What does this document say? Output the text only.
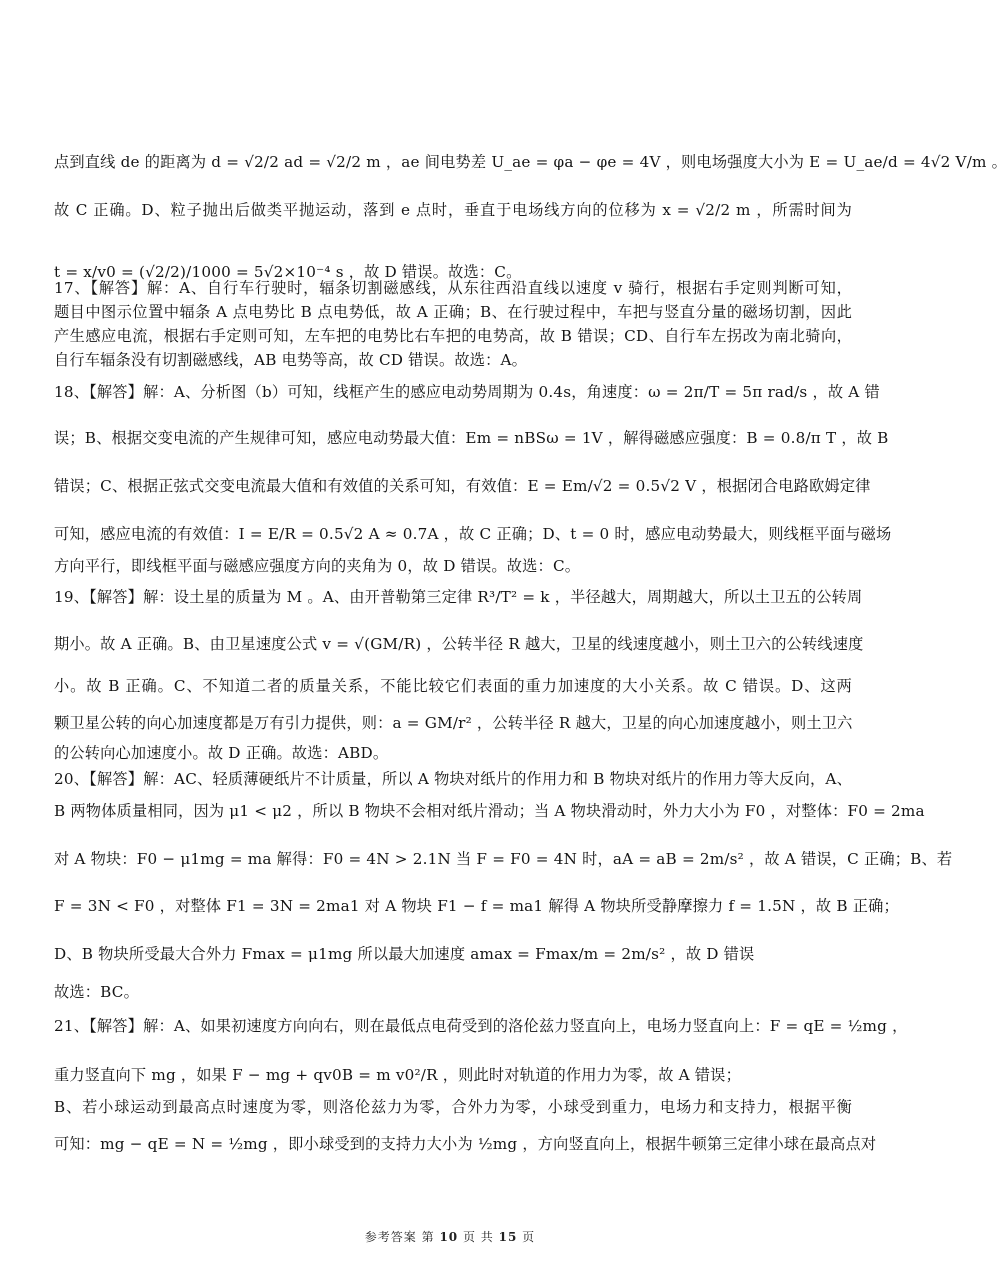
点到直线 de 的距离为 d = √2/2 ad = √2/2 m ，ae 间电势差 U_ae = φa − φe = 4V ，则电场强度大小为 E = U_ae/d = 4√2 V/m 。
故 C 正确。D、粒子抛出后做类平抛运动，落到 e 点时，垂直于电场线方向的位移为 x = √2/2 m ，所需时间为
t = x/v0 = (√2/2)/1000 = 5√2×10⁻⁴ s ，故 D 错误。故选：C。
17、【解答】解：A、自行车行驶时，辐条切割磁感线，从东往西沿直线以速度 v 骑行，根据右手定则判断可知，
题目中图示位置中辐条 A 点电势比 B 点电势低，故 A 正确；B、在行驶过程中，车把与竖直分量的磁场切割，因此
产生感应电流，根据右手定则可知，左车把的电势比右车把的电势高，故 B 错误；CD、自行车左拐改为南北骑向，
自行车辐条没有切割磁感线，AB 电势等高，故 CD 错误。故选：A。
18、【解答】解：A、分析图（b）可知，线框产生的感应电动势周期为 0.4s，角速度：ω = 2π/T = 5π rad/s ，故 A 错
误；B、根据交变电流的产生规律可知，感应电动势最大值：Em = nBSω = 1V ，解得磁感应强度：B = 0.8/π T ，故 B
错误；C、根据正弦式交变电流最大值和有效值的关系可知，有效值：E = Em/√2 = 0.5√2 V ，根据闭合电路欧姆定律
可知，感应电流的有效值：I = E/R = 0.5√2 A ≈ 0.7A ，故 C 正确；D、t = 0 时，感应电动势最大，则线框平面与磁场
方向平行，即线框平面与磁感应强度方向的夹角为 0，故 D 错误。故选：C。
19、【解答】解：设土星的质量为 M 。A、由开普勒第三定律 R³/T² = k ，半径越大，周期越大，所以土卫五的公转周
期小。故 A 正确。B、由卫星速度公式 v = √(GM/R) ，公转半径 R 越大，卫星的线速度越小，则土卫六的公转线速度
小。故 B 正确。C、不知道二者的质量关系，不能比较它们表面的重力加速度的大小关系。故 C 错误。D、这两
颗卫星公转的向心加速度都是万有引力提供，则：a = GM/r² ，公转半径 R 越大，卫星的向心加速度越小，则土卫六
的公转向心加速度小。故 D 正确。故选：ABD。
20、【解答】解：AC、轻质薄硬纸片不计质量，所以 A 物块对纸片的作用力和 B 物块对纸片的作用力等大反向，A、
B 两物体质量相同，因为 μ1 < μ2 ，所以 B 物块不会相对纸片滑动；当 A 物块滑动时，外力大小为 F0 ，对整体：F0 = 2ma
对 A 物块：F0 − μ1mg = ma 解得：F0 = 4N > 2.1N 当 F = F0 = 4N 时，aA = aB = 2m/s² ，故 A 错误，C 正确；B、若
F = 3N < F0 ，对整体 F1 = 3N = 2ma1 对 A 物块 F1 − f = ma1 解得 A 物块所受静摩擦力 f = 1.5N ，故 B 正确；
D、B 物块所受最大合外力 Fmax = μ1mg 所以最大加速度 amax = Fmax/m = 2m/s² ，故 D 错误
故选：BC。
21、【解答】解：A、如果初速度方向向右，则在最低点电荷受到的洛伦兹力竖直向上，电场力竖直向上：F = qE = ½mg ，
重力竖直向下 mg ，如果 F − mg + qv0B = m v0²/R ，则此时对轨道的作用力为零，故 A 错误；
B、若小球运动到最高点时速度为零，则洛伦兹力为零，合外力为零，小球受到重力，电场力和支持力，根据平衡
可知：mg − qE = N = ½mg ，即小球受到的支持力大小为 ½mg ，方向竖直向上，根据牛顿第三定律小球在最高点对
参考答案 第 10 页 共 15 页
